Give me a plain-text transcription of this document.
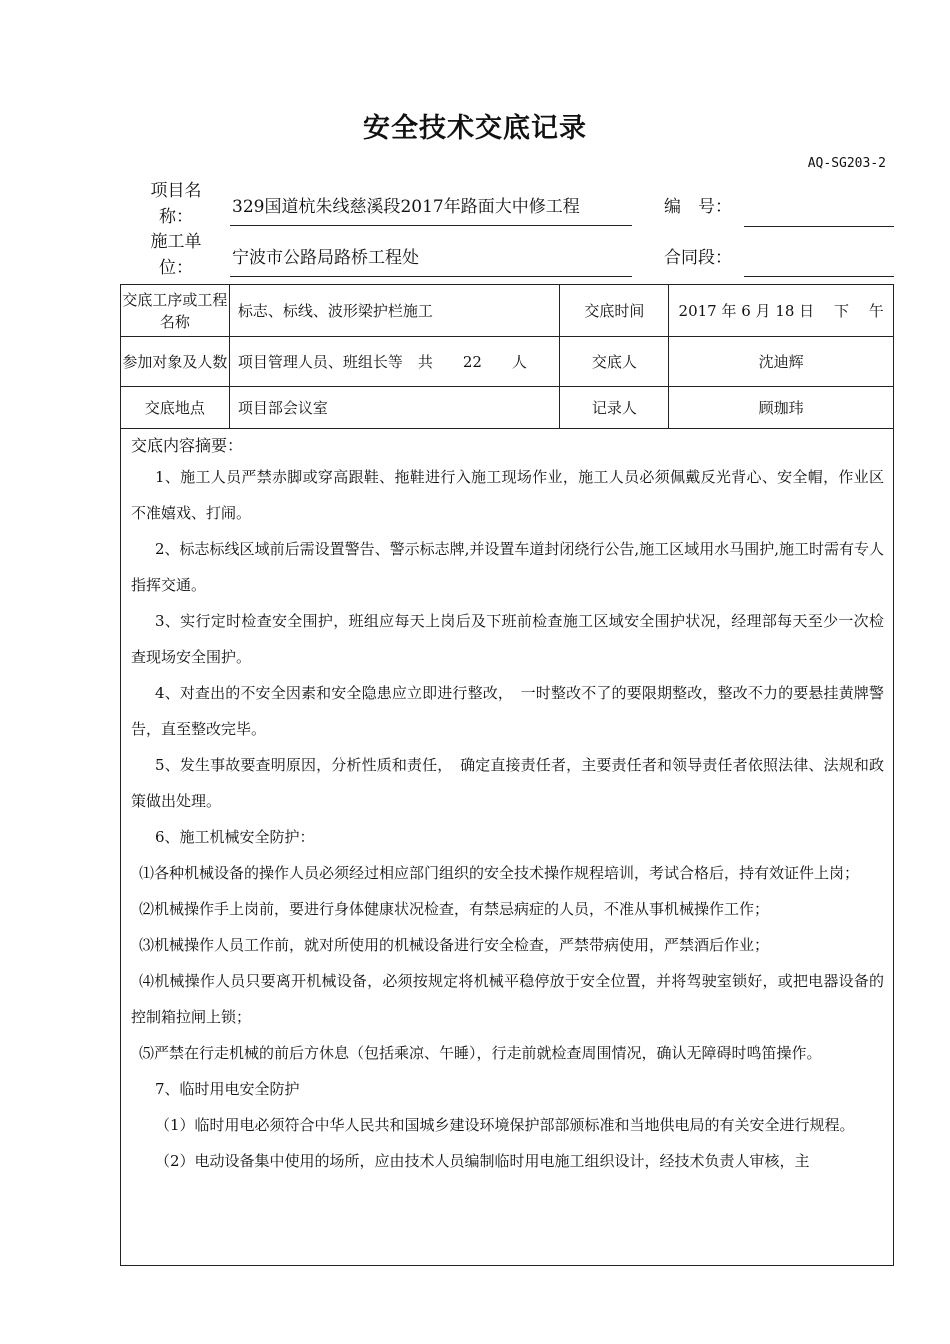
安全技术交底记录
AQ-SG203-2
项目名称：	329国道杭朱线慈溪段2017年路面大中修工程	编　号：
施工单位：	宁波市公路局路桥工程处	合同段：
交底工序或工程名称	标志、标线、波形梁护栏施工	交底时间	2017 年 6 月 18 日　 下　 午
参加对象及人数	项目管理人员、班组长等　共　　22　　人	交底人	沈迪辉
交底地点	项目部会议室	记录人	顾珈玮
交底内容摘要：

1、施工人员严禁赤脚或穿高跟鞋、拖鞋进行入施工现场作业，施工人员必须佩戴反光背心、安全帽，作业区不准嬉戏、打闹。

2、标志标线区域前后需设置警告、警示标志牌,并设置车道封闭绕行公告,施工区域用水马围护,施工时需有专人指挥交通。

3、实行定时检查安全围护，班组应每天上岗后及下班前检查施工区域安全围护状况，经理部每天至少一次检查现场安全围护。

4、对查出的不安全因素和安全隐患应立即进行整改，　一时整改不了的要限期整改，整改不力的要悬挂黄牌警告，直至整改完毕。

5、发生事故要查明原因，分析性质和责任，　确定直接责任者，主要责任者和领导责任者依照法律、法规和政策做出处理。

6、施工机械安全防护：

⑴各种机械设备的操作人员必须经过相应部门组织的安全技术操作规程培训，考试合格后，持有效证件上岗；

⑵机械操作手上岗前，要进行身体健康状况检查，有禁忌病症的人员，不准从事机械操作工作；

⑶机械操作人员工作前，就对所使用的机械设备进行安全检查，严禁带病使用，严禁酒后作业；

⑷机械操作人员只要离开机械设备，必须按规定将机械平稳停放于安全位置，并将驾驶室锁好，或把电器设备的控制箱拉闸上锁；

⑸严禁在行走机械的前后方休息（包括乘凉、午睡），行走前就检查周围情况，确认无障碍时鸣笛操作。

7、临时用电安全防护

（1）临时用电必须符合中华人民共和国城乡建设环境保护部部颁标准和当地供电局的有关安全进行规程。

（2）电动设备集中使用的场所，应由技术人员编制临时用电施工组织设计，经技术负责人审核，主
